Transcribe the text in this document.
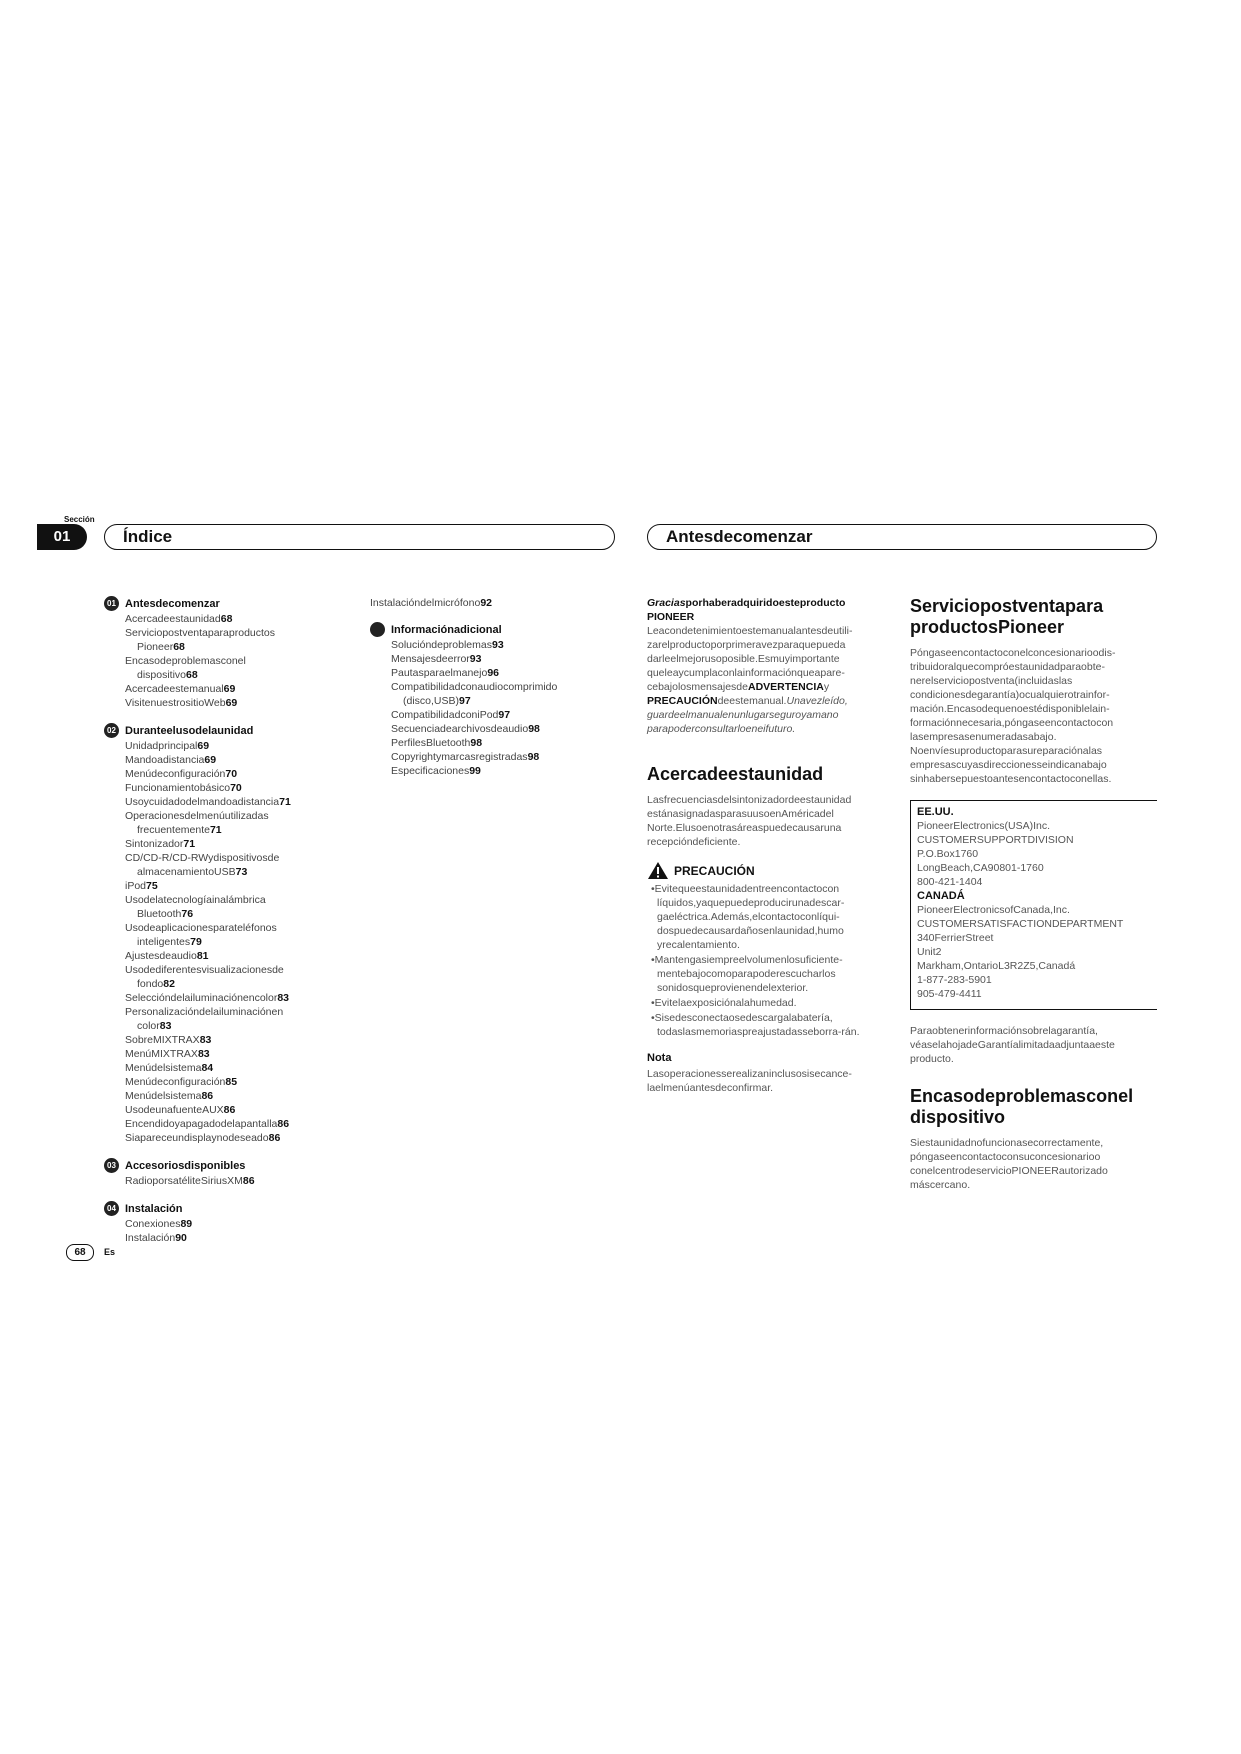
Sección
01	Índice	Antesdecomenzar
01 Antesdecomenzar
Acercadeestaunidad 68
Serviciopostventaparaproductos
Pioneer 68
Encasodeproblemasconel
dispositivo 68
Acercadeestemanual 69
VisitenuestrositioWeb 69
02 Duranteelusodelaunidad
Unidadprincipal 69
Mandoadistancia 69
Menúdeconfiguración 70
Funcionamientobásico 70
Usoycuidadodelmandoadistancia 71
Operacionesdelmenúutilizadas
frecuentemente 71
Sintonizador 71
CD/CD-R/CD-RWydispositivosde
almacenamientoUSB 73
iPod 75
Usodelatecnologíainalámbrica
Bluetooth 76
Usodeaplicacionesparateléfonos
inteligentes 79
Ajustesdeaudio 81
Usodediferentesvisualizacionesde
fondo 82
Seleccióndelailuminaciónencolor 83
Personalizacióndelailuminaciónen
color 83
SobreMIXTRAX 83
MenúMIXTRAX 83
Menúdelsistema 84
Menúdeconfiguración 85
Menúdelsistema 86
UsodeunafuenteAUX 86
Encendidoyapagadodelapantalla 86
Siapareceundisplaynodeseado 86
03 Accesoriosdisponibles
RadioporsatéliteSiriusXM 86
04 Instalación
Conexiones 89
Instalación 90
Instalacióndelmicrófono 92
Informaciónadicional
Solucióndeproblemas 93
Mensajesdeerror 93
Pautasparaelmanejo 96
Compatibilidadconaudiocomprimido
(disco,USB) 97
CompatibilidadconiPod 97
Secuenciadearchivosdeaudio 98
PerfilesBluetooth 98
Copyrightymarcasregistradas 98
Especificaciones 99

Graciasporhaberadquiridoesteproducto PIONEER
Leacondetenimientoestemanualantesdeutili-zarelproductoporprimeravezparaquepueda darleelmejorusoposible.Esmuyimportante queleaycumplaconlainformaciónqueapare-cebajolosmensajesdeADVERTENCIAy PRECAUCIÓNdeestemanual.Unavezleído, guardeelmanualenunlugarseguroyamano parapoderconsultarloeneifuturo.

Acercadeestaunidad

Lasfrecuenciasdelsintonizadordeestaunidad estánasignadasparasuusoenAméricadel Norte.Elusoenotrasáreaspuedecausaruna recepcióndeficiente.

PRECAUCIÓN
•Evitequeestaunidadentreencontactocon líquidos,yaquepuedeproducirunadescar-gaeléctrica.Además,elcontactoconlíqui-dospuedecausardañosenlaunidad,humo yrecalentamiento.
•Mantengasiempreelvolumenlosuficiente-mentebajocomoparapoderescucharlos sonidosqueprovienendelexterior.
•Evitelaexposiciónalahumedad.
•Sisedesconectaosedescargalabatería, todaslasmemoriaspreajustadasseborra-rán.
Nota
Lasoperacionesserealizaninclusosisecance-laelmenúantesdeconfirmar.
Serviciopostventapara productosPioneer

Póngaseencontactoconelconcesionarioodis-tribuidoralquecompróestaunidadparaobte-nerelserviciopostventa(incluidaslas condicionesdegarantía)ocualquierotrainfor-mación.Encasodequenoestédisponiblelain-formaciónnecesaria,póngaseencontactocon lasempresasenumeradasabajo. Noenvíesuproductoparasureparaciónalas empresascuyasdireccionesseindicanabajo sinhabersepuestoantesencontactoconellas.

EE.UU.
PioneerElectronics(USA)Inc.
CUSTOMERSUPPORTDIVISION
P.O.Box1760
LongBeach,CA90801-1760
800-421-1404
CANADÁ
PioneerElectronicsofCanada,Inc.
CUSTOMERSATISFACTIONDEPARTMENT
340FerrierStreet
Unit2
Markham,OntarioL3R2Z5,Canadá
1-877-283-5901
905-479-4411

Paraobtenerinformaciónsobrelagarantía, véaselahojadeGarantíalimitadaadjuntaaeste producto.

Encasodeproblemasconel dispositivo

Siestaunidadnofuncionasecorrectamente, póngaseencontactoconsuconcesionarioo conelcentrodeservicioPIONEERautorizado máscercano.

68	Es
